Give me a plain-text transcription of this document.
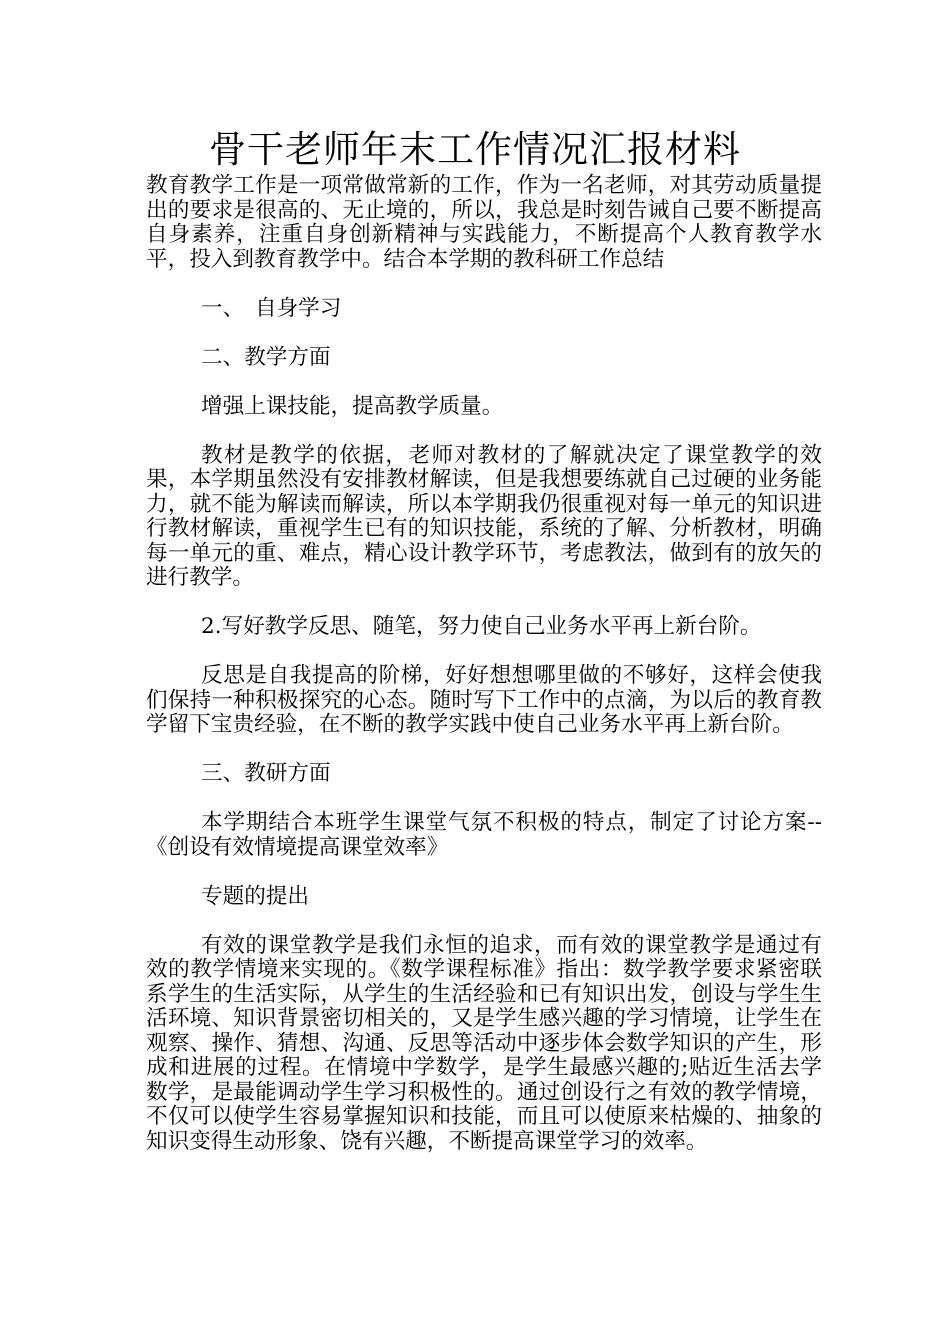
骨干老师年末工作情况汇报材料

教育教学工作是一项常做常新的工作，作为一名老师，对其劳动质量提出的要求是很高的、无止境的，所以，我总是时刻告诫自己要不断提高自身素养，注重自身创新精神与实践能力，不断提高个人教育教学水平，投入到教育教学中。结合本学期的教科研工作总结

一、　自身学习

二、教学方面

增强上课技能，提高教学质量。

教材是教学的依据，老师对教材的了解就决定了课堂教学的效果，本学期虽然没有安排教材解读，但是我想要练就自己过硬的业务能力，就不能为解读而解读，所以本学期我仍很重视对每一单元的知识进行教材解读，重视学生已有的知识技能，系统的了解、分析教材，明确每一单元的重、难点，精心设计教学环节，考虑教法，做到有的放矢的进行教学。

2.写好教学反思、随笔，努力使自己业务水平再上新台阶。

反思是自我提高的阶梯，好好想想哪里做的不够好，这样会使我们保持一种积极探究的心态。随时写下工作中的点滴，为以后的教育教学留下宝贵经验，在不断的教学实践中使自己业务水平再上新台阶。

三、教研方面

本学期结合本班学生课堂气氛不积极的特点，制定了讨论方案--《创设有效情境提高课堂效率》

专题的提出

有效的课堂教学是我们永恒的追求，而有效的课堂教学是通过有效的教学情境来实现的。《数学课程标准》指出：数学教学要求紧密联系学生的生活实际，从学生的生活经验和已有知识出发，创设与学生生活环境、知识背景密切相关的，又是学生感兴趣的学习情境，让学生在观察、操作、猜想、沟通、反思等活动中逐步体会数学知识的产生，形成和进展的过程。在情境中学数学，是学生最感兴趣的;贴近生活去学数学，是最能调动学生学习积极性的。通过创设行之有效的教学情境，不仅可以使学生容易掌握知识和技能，而且可以使原来枯燥的、抽象的知识变得生动形象、饶有兴趣，不断提高课堂学习的效率。
